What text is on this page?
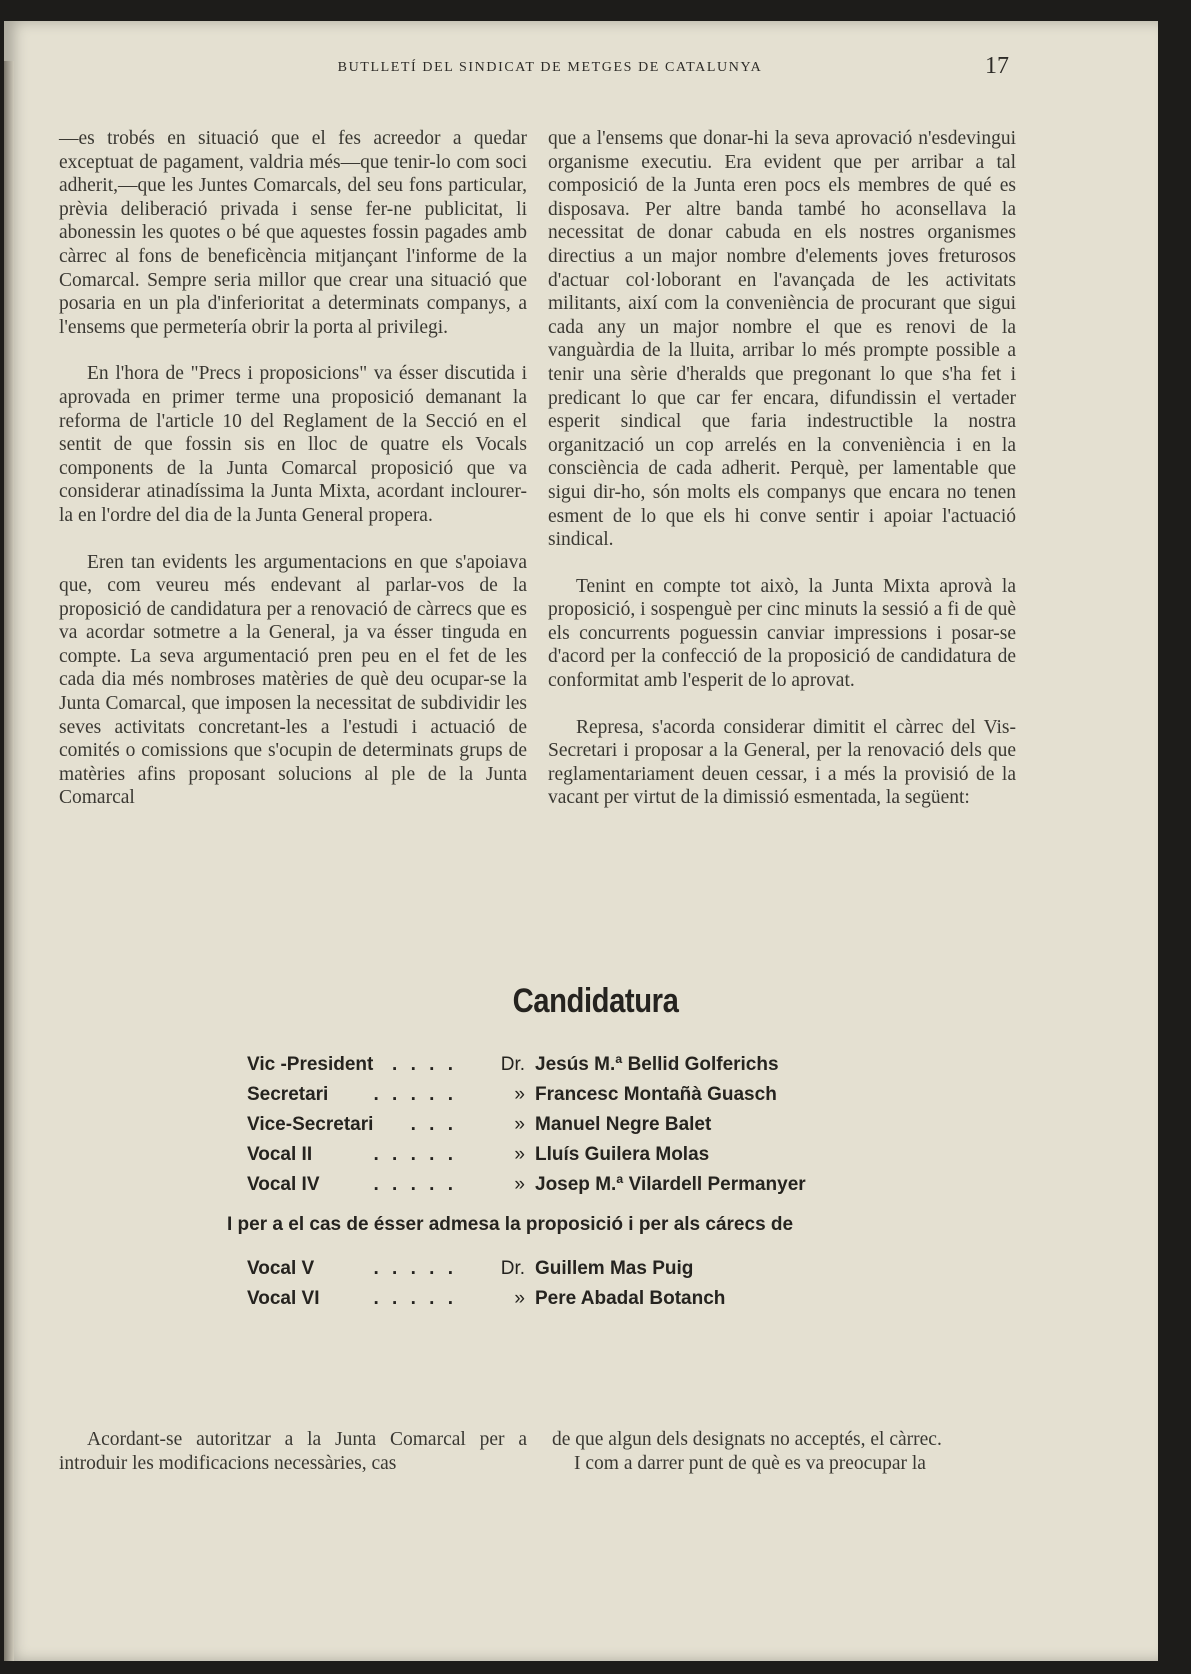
BUTLLETÍ DEL SINDICAT DE METGES DE CATALUNYA	17

—es trobés en situació que el fes acreedor a quedar exceptuat de pagament, valdria més—que tenir-lo com soci adherit,—que les Juntes Comarcals, del seu fons particular, prèvia deliberació privada i sense fer-ne publicitat, li abonessin les quotes o bé que aquestes fossin pagades amb càrrec al fons de beneficència mitjançant l'informe de la Comarcal. Sempre seria millor que crear una situació que posaria en un pla d'inferioritat a determinats companys, a l'ensems que permetería obrir la porta al privilegi.

En l'hora de "Precs i proposicions" va ésser discutida i aprovada en primer terme una proposició demanant la reforma de l'article 10 del Reglament de la Secció en el sentit de que fossin sis en lloc de quatre els Vocals components de la Junta Comarcal proposició que va considerar atinadíssima la Junta Mixta, acordant inclourer-la en l'ordre del dia de la Junta General propera.

Eren tan evidents les argumentacions en que s'apoiava que, com veureu més endevant al parlar-vos de la proposició de candidatura per a renovació de càrrecs que es va acordar sotmetre a la General, ja va ésser tinguda en compte. La seva argumentació pren peu en el fet de les cada dia més nombroses matèries de què deu ocupar-se la Junta Comarcal, que imposen la necessitat de subdividir les seves activitats concretant-les a l'estudi i actuació de comités o comissions que s'ocupin de determinats grups de matèries afins proposant solucions al ple de la Junta Comarcal

que a l'ensems que donar-hi la seva aprovació n'esdevingui organisme executiu. Era evident que per arribar a tal composició de la Junta eren pocs els membres de qué es disposava. Per altre banda també ho aconsellava la necessitat de donar cabuda en els nostres organismes directius a un major nombre d'elements joves freturosos d'actuar col·loborant en l'avançada de les activitats militants, així com la conveniència de procurant que sigui cada any un major nombre el que es renovi de la vanguàrdia de la lluita, arribar lo més prompte possible a tenir una sèrie d'heralds que pregonant lo que s'ha fet i predicant lo que car fer encara, difundissin el vertader esperit sindical que faria indestructible la nostra organització un cop arrelés en la conveniència i en la consciència de cada adherit. Perquè, per lamentable que sigui dir-ho, són molts els companys que encara no tenen esment de lo que els hi conve sentir i apoiar l'actuació sindical.

Tenint en compte tot això, la Junta Mixta aprovà la proposició, i sospenguè per cinc minuts la sessió a fi de què els concurrents poguessin canviar impressions i posar-se d'acord per la confecció de la proposició de candidatura de conformitat amb l'esperit de lo aprovat.

Represa, s'acorda considerar dimitit el càrrec del Vis-Secretari i proposar a la General, per la renovació dels que reglamentariament deuen cessar, i a més la provisió de la vacant per virtut de la dimissió esmentada, la següent:

Candidatura
Vic -President . . . .	Dr. Jesús M.ª Bellid Golferichs
Secretari	. . . . .	» Francesc Montañà Guasch
Vice-Secretari	. . .	» Manuel Negre Balet
Vocal II	. . . . .	» Lluís Guilera Molas
Vocal IV	. . . . .	» Josep M.ª Vilardell Permanyer
I per a el cas de ésser admesa la proposició i per als cárecs de
Vocal V	. . . . .	Dr. Guillem Mas Puig
Vocal VI	. . . . .	» Pere Abadal Botanch

Acordant-se autoritzar a la Junta Comarcal per a introduir les modificacions necessàries, cas

de que algun dels designats no acceptés, el càrrec.
I com a darrer punt de què es va preocupar la
